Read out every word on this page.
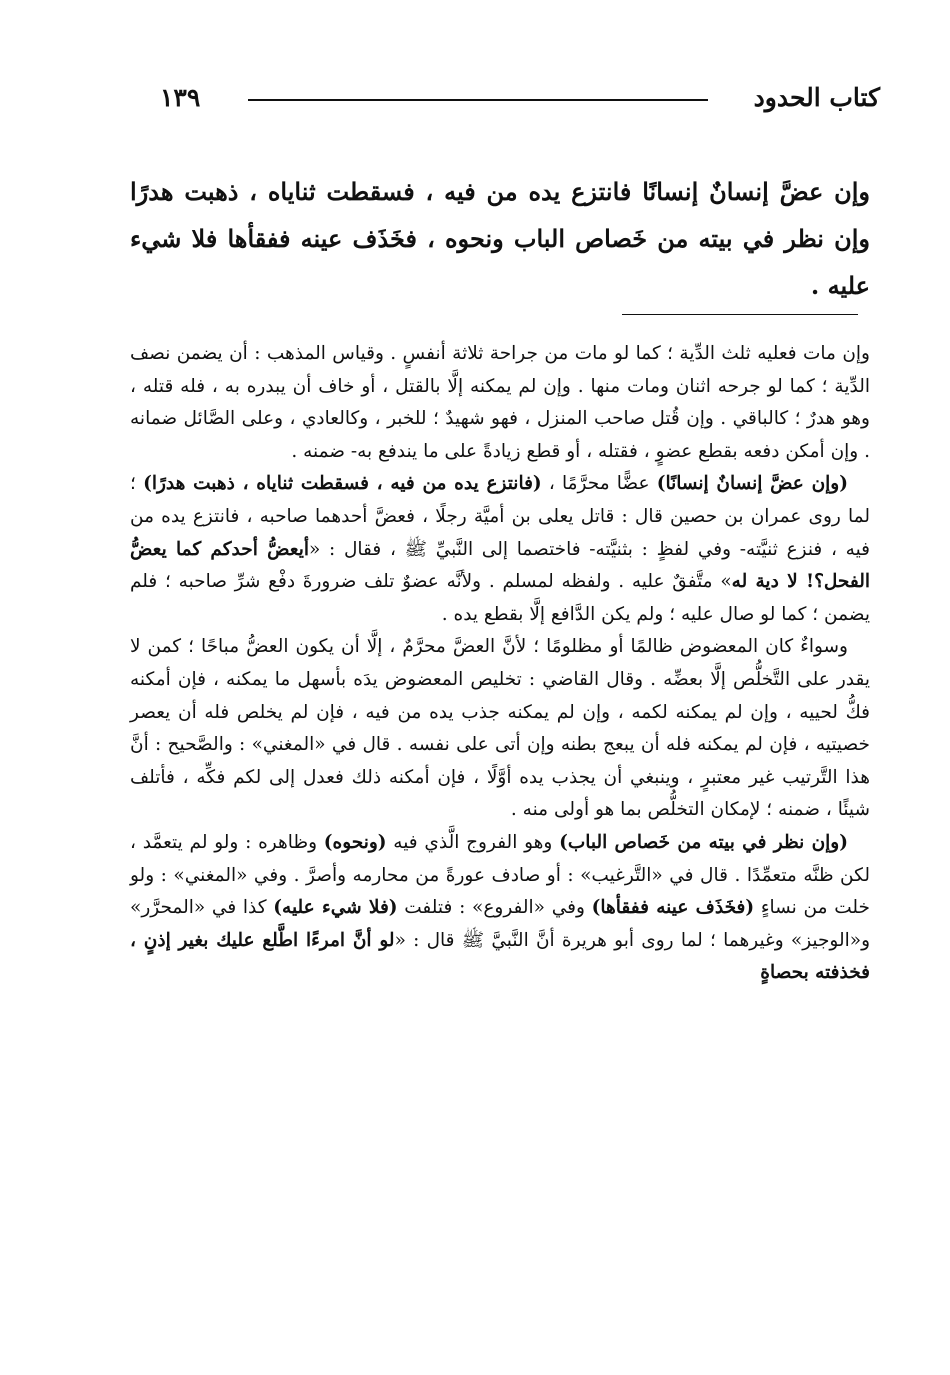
كتاب الحدود
١٣٩

وإن عضَّ إنسانٌ إنسانًا فانتزع يده من فيه ، فسقطت ثناياه ، ذهبت هدرًا وإن نظر في بيته من خَصاص الباب ونحوه ، فخَذَف عينه ففقأها فلا شيء عليه .

وإن مات فعليه ثلث الدِّية ؛ كما لو مات من جراحة ثلاثة أنفسٍ . وقياس المذهب : أن يضمن نصف الدِّية ؛ كما لو جرحه اثنان ومات منها . وإن لم يمكنه إلَّا بالقتل ، أو خاف أن يبدره به ، فله قتله ، وهو هدرٌ ؛ كالباقي . وإن قُتل صاحب المنزل ، فهو شهيدٌ ؛ للخبر ، وكالعادي ، وعلى الصَّائل ضمانه . وإن أمكن دفعه بقطع عضوٍ ، فقتله ، أو قطع زيادةً على ما يندفع به- ضمنه .

(وإن عضَّ إنسانٌ إنسانًا) عضًّا محرَّمًا ، (فانتزع يده من فيه ، فسقطت ثناياه ، ذهبت هدرًا) ؛ لما روى عمران بن حصين قال : قاتل يعلى بن أميَّة رجلًا ، فعضَّ أحدهما صاحبه ، فانتزع يده من فيه ، فنزع ثنيَّته- وفي لفظٍ : بثنيَّته- فاختصما إلى النَّبيِّ ﷺ ، فقال : «أيعضُّ أحدكم كما يعضُّ الفحل؟! لا دية له» متَّفقٌ عليه . ولفظه لمسلم . ولأنَّه عضوٌ تلف ضرورةَ دفْع شرِّ صاحبه ؛ فلم يضمن ؛ كما لو صال عليه ؛ ولم يكن الدَّافع إلَّا بقطع يده .

وسواءٌ كان المعضوض ظالمًا أو مظلومًا ؛ لأنَّ العضَّ محرَّمٌ ، إلَّا أن يكون العضُّ مباحًا ؛ كمن لا يقدر على التَّخلُّص إلَّا بعضِّه . وقال القاضي : تخليص المعضوض يدَه بأسهل ما يمكنه ، فإن أمكنه فكُّ لحييه ، وإن لم يمكنه لكمه ، وإن لم يمكنه جذب يده من فيه ، فإن لم يخلص فله أن يعصر خصيتيه ، فإن لم يمكنه فله أن يبعج بطنه وإن أتى على نفسه . قال في «المغني» : والصَّحيح : أنَّ هذا التَّرتيب غير معتبرٍ ، وينبغي أن يجذب يده أوَّلًا ، فإن أمكنه ذلك فعدل إلى لكم فكِّه ، فأتلف شيئًا ، ضمنه ؛ لإمكان التخلُّص بما هو أولى منه .

(وإن نظر في بيته من خَصاص الباب) وهو الفروج الَّذي فيه (ونحوه) وظاهره : ولو لم يتعمَّد ، لكن ظنَّه متعمِّدًا . قال في «التَّرغيب» : أو صادف عورةً من محارمه وأصرَّ . وفي «المغني» : ولو خلت من نساءٍ (فخَذَف عينه ففقأها) وفي «الفروع» : فتلفت (فلا شيء عليه) كذا في «المحرَّر» و«الوجيز» وغيرهما ؛ لما روى أبو هريرة أنَّ النَّبيَّ ﷺ قال : «لو أنَّ امرءًا اطَّلع عليك بغير إذنٍ ، فخذفته بحصاةٍ
